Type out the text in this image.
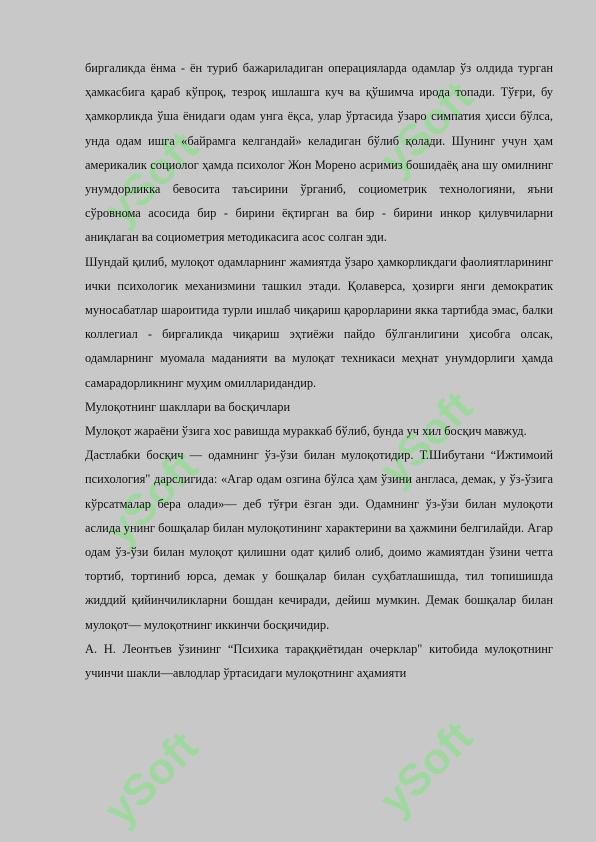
ySoft	ySoft
ySoft
ySoft
ySoft	ySoft

биргаликда ёнма - ён туриб бажариладиган операцияларда одамлар ўз олдида турган ҳамкасбига қараб кўпроқ, тезроқ ишлашга куч ва қўшимча ирода топади. Тўғри, бу ҳамкорликда ўша ёнидаги одам унга ёқса, улар ўртасида ўзаро симпатия ҳисси бўлса, унда одам ишга «байрамга келгандай» келадиган бўлиб қолади. Шунинг учун ҳам америкалик социолог ҳамда психолог Жон Морено асримиз бошидаёқ ана шу омилнинг унумдорликка бевосита таъсирини ўрганиб, социометрик технологияни, яъни сўровнома асосида бир - бирини ёқтирган ва бир - бирини инкор қилувчиларни аниқлаган ва социометрия методикасига асос солган эди.

Шундай қилиб, мулоқот одамларнинг жамиятда ўзаро ҳамкорликдаги фаолиятларининг ички психологик механизмини ташкил этади. Қолаверса, ҳозирги янги демократик муносабатлар шароитида турли ишлаб чиқариш қарорларини якка тартибда эмас, балки коллегиал - биргаликда чиқариш эҳтиёжи пайдо бўлганлигини ҳисобга олсак, одамларнинг муомала маданияти ва мулоқат техникаси меҳнат унумдорлиги ҳамда самарадорликнинг муҳим омилларидандир.

Мулоқотнинг шакллари ва босқичлари

Мулоқот жараёни ўзига хос равишда мураккаб бўлиб, бунда уч хил босқич мавжуд.

Дастлабки босқич — одамнинг ўз-ўзи билан мулоқотидир. Т.Шибутани “Ижтимоий психология" дарслигида: «Агар одам озгина бўлса ҳам ўзини англаса, демак, у ўз-ўзига кўрсатмалар бера олади»— деб тўғри ёзган эди. Одамнинг ўз-ўзи билан мулоқоти аслида унинг бошқалар билан мулоқотининг характерини ва ҳажмини белгилайди. Агар одам ўз-ўзи билан мулоқот қилишни одат қилиб олиб, доимо жамиятдан ўзини четга тортиб, тортиниб юрса, демак у бошқалар билан суҳбатлашишда, тил топишишда жиддий қийинчиликларни бошдан кечиради, дейиш мумкин. Демак бошқалар билан мулоқот— мулоқотнинг иккинчи босқичидир.

А. Н. Леонтьев ўзининг “Психика тараққиётидан очерклар" китобида мулоқотнинг учинчи шакли—авлодлар ўртасидаги мулоқотнинг аҳамияти
